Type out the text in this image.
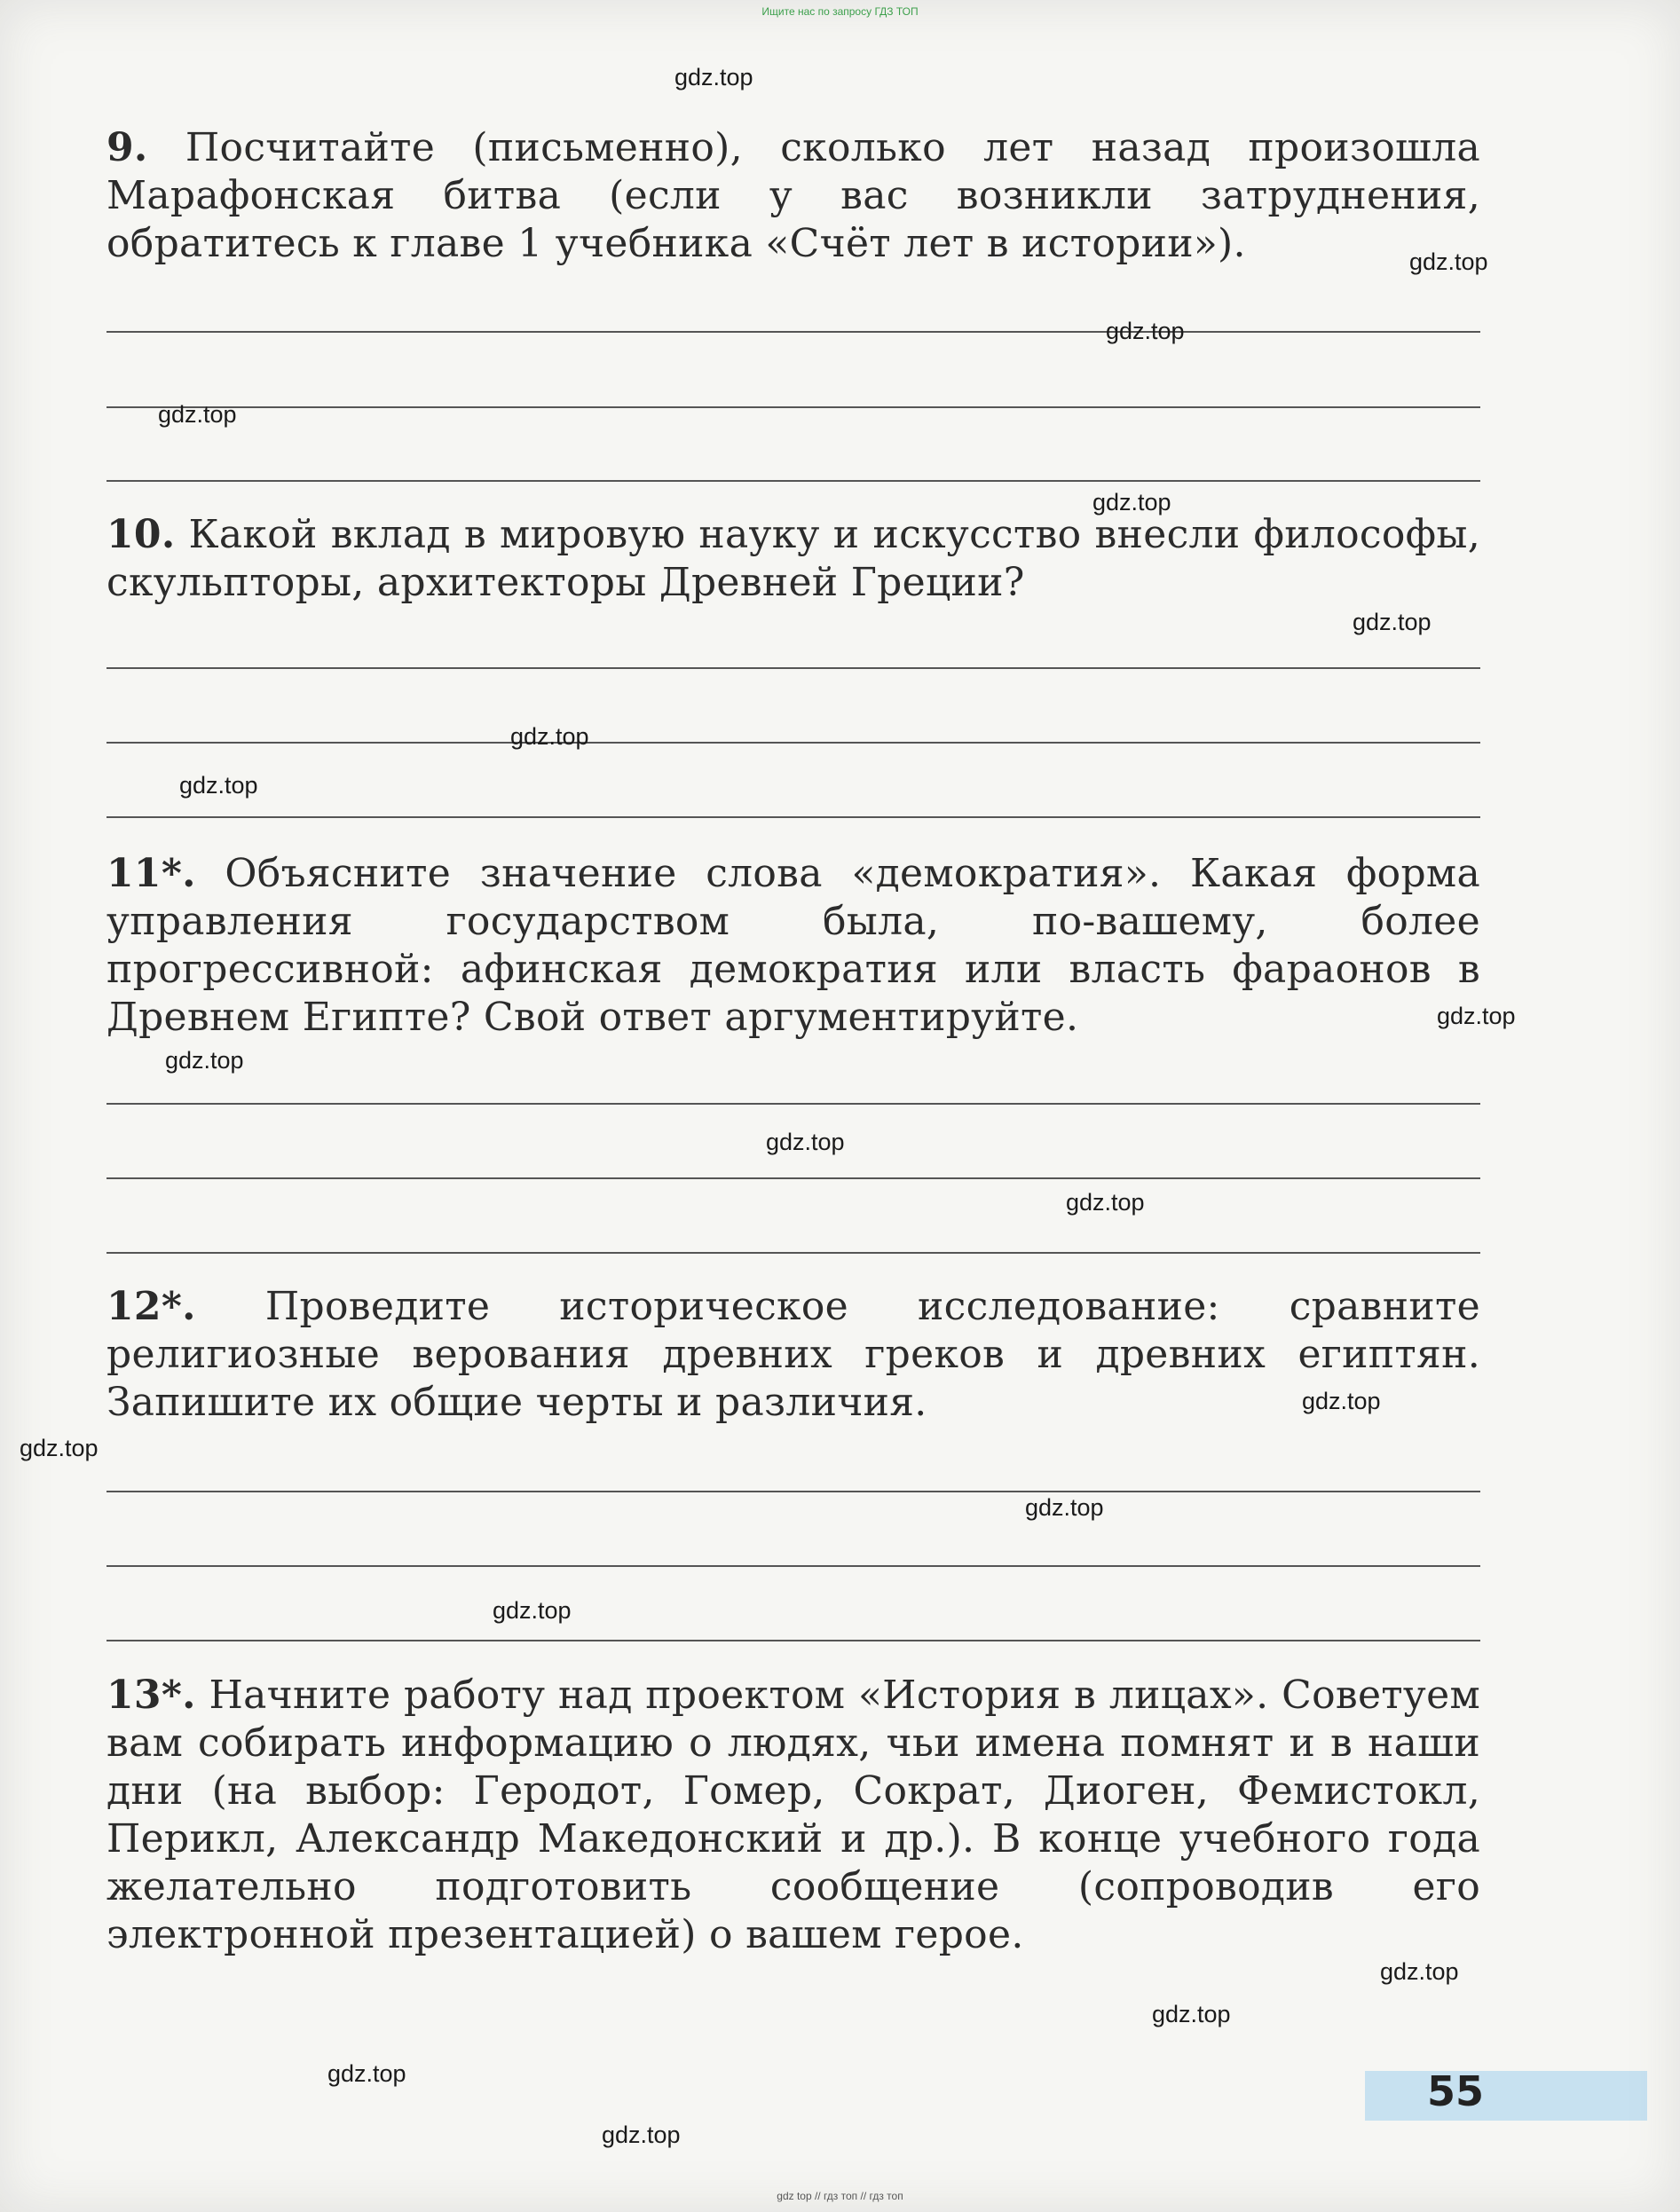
Ищите нас по запросу ГДЗ ТОП

9. Посчитайте (письменно), сколько лет назад произошла Марафонская битва (если у вас возникли затруднения, обратитесь к главе 1 учебника «Счёт лет в истории»).

10. Какой вклад в мировую науку и искусство внесли философы, скульпторы, архитекторы Древней Греции?

11*. Объясните значение слова «демократия». Какая форма управления государством была, по-вашему, более прогрессивной: афинская демократия или власть фараонов в Древнем Египте? Свой ответ аргументируйте.

12*. Проведите историческое исследование: сравните религиозные верования древних греков и древних египтян. Запишите их общие черты и различия.

13*. Начните работу над проектом «История в лицах». Советуем вам собирать информацию о людях, чьи имена помнят и в наши дни (на выбор: Геродот, Гомер, Сократ, Диоген, Фемистокл, Перикл, Александр Македонский и др.). В конце учебного года желательно подготовить сообщение (сопроводив его электронной презентацией) о вашем герое.

gdz.top
gdz.top
gdz.top
gdz.top
gdz.top
gdz.top
gdz.top
gdz.top
gdz.top
gdz.top
gdz.top
gdz.top
gdz.top
gdz.top
gdz.top
gdz.top
gdz.top
gdz.top
gdz.top
gdz.top
55
gdz top // гдз топ // гдз топ
